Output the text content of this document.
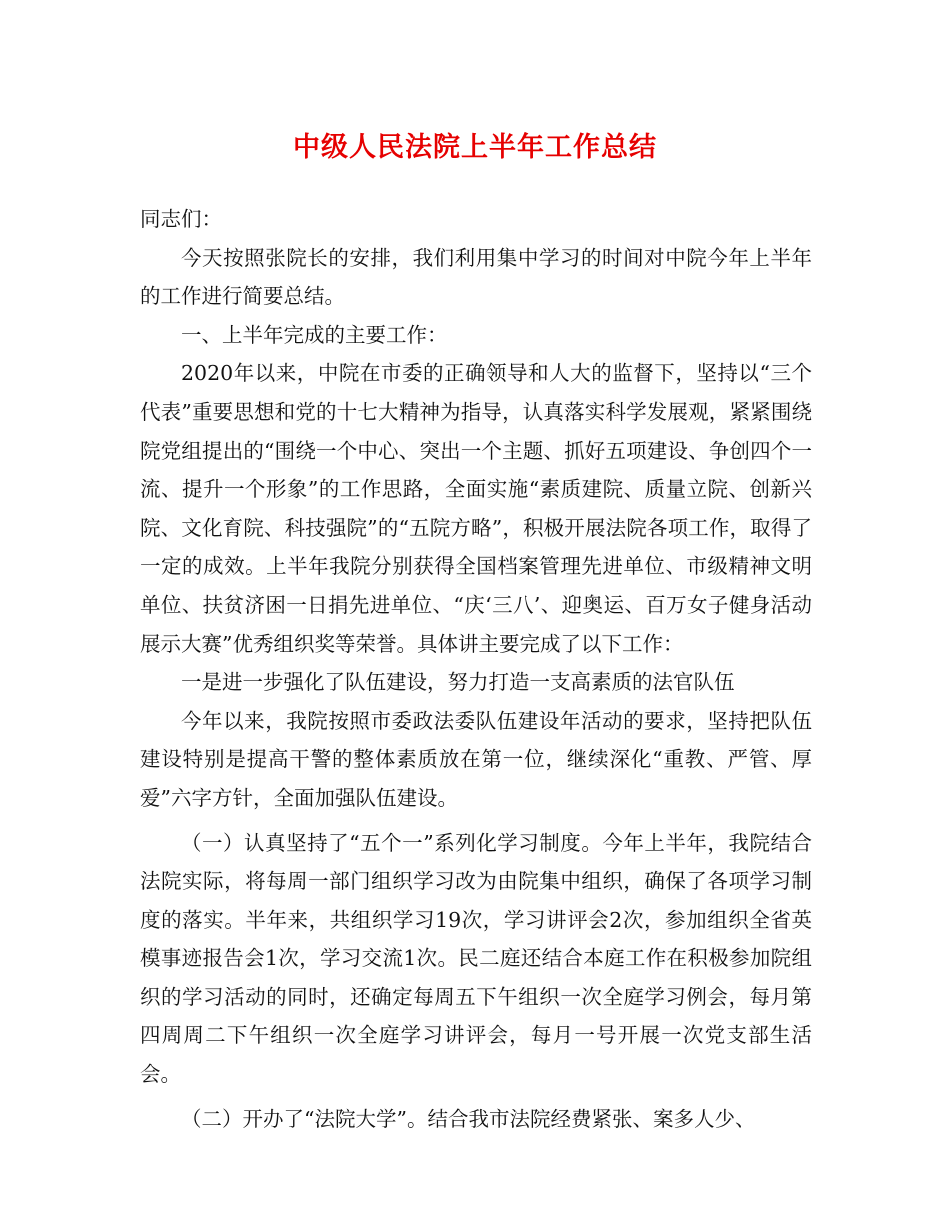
中级人民法院上半年工作总结

同志们：

今天按照张院长的安排，我们利用集中学习的时间对中院今年上半年的工作进行简要总结。

一、上半年完成的主要工作：

2020年以来，中院在市委的正确领导和人大的监督下，坚持以“三个代表”重要思想和党的十七大精神为指导，认真落实科学发展观，紧紧围绕院党组提出的“围绕一个中心、突出一个主题、抓好五项建设、争创四个一流、提升一个形象”的工作思路，全面实施“素质建院、质量立院、创新兴院、文化育院、科技强院”的“五院方略”，积极开展法院各项工作，取得了一定的成效。上半年我院分别获得全国档案管理先进单位、市级精神文明单位、扶贫济困一日捐先进单位、“庆‘三八’、迎奥运、百万女子健身活动展示大赛”优秀组织奖等荣誉。具体讲主要完成了以下工作：

一是进一步强化了队伍建设，努力打造一支高素质的法官队伍

今年以来，我院按照市委政法委队伍建设年活动的要求，坚持把队伍建设特别是提高干警的整体素质放在第一位，继续深化“重教、严管、厚爱”六字方针，全面加强队伍建设。

（一）认真坚持了“五个一”系列化学习制度。今年上半年，我院结合法院实际，将每周一部门组织学习改为由院集中组织，确保了各项学习制度的落实。半年来，共组织学习19次，学习讲评会2次，参加组织全省英模事迹报告会1次，学习交流1次。民二庭还结合本庭工作在积极参加院组织的学习活动的同时，还确定每周五下午组织一次全庭学习例会，每月第四周周二下午组织一次全庭学习讲评会，每月一号开展一次党支部生活会。

（二）开办了“法院大学”。结合我市法院经费紧张、案多人少、
